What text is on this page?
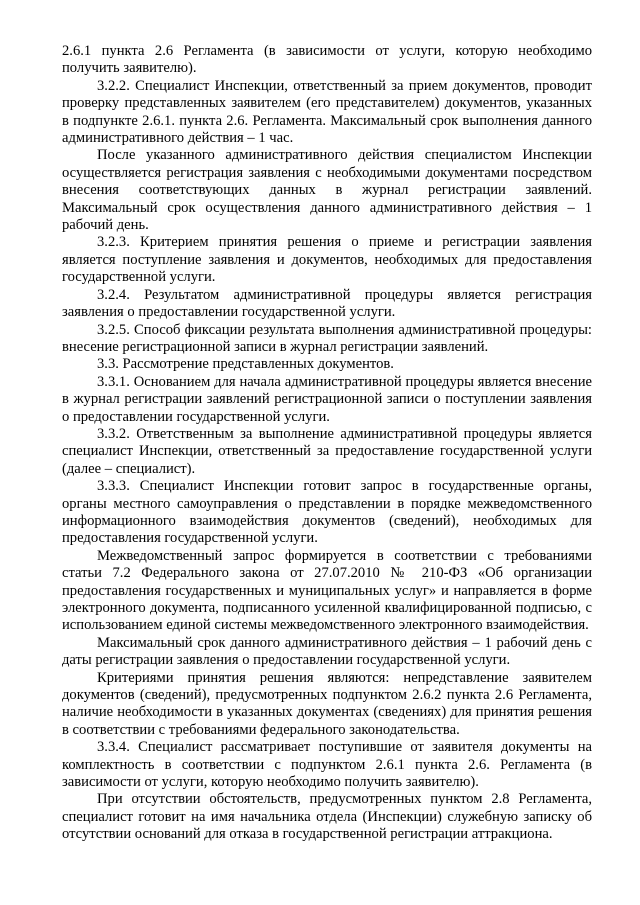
2.6.1 пункта 2.6 Регламента (в зависимости от услуги, которую необходимо получить заявителю).

3.2.2. Специалист Инспекции, ответственный за прием документов, проводит проверку представленных заявителем (его представителем) документов, указанных в подпункте 2.6.1. пункта 2.6. Регламента. Максимальный срок выполнения данного административного действия – 1 час.

После указанного административного действия специалистом Инспекции осуществляется регистрация заявления с необходимыми документами посредством внесения соответствующих данных в журнал регистрации заявлений. Максимальный срок осуществления данного административного действия – 1 рабочий день.

3.2.3. Критерием принятия решения о приеме и регистрации заявления является поступление заявления и документов, необходимых для предоставления государственной услуги.

3.2.4. Результатом административной процедуры является регистрация заявления о предоставлении государственной услуги.

3.2.5. Способ фиксации результата выполнения административной процедуры: внесение регистрационной записи в журнал регистрации заявлений.

3.3. Рассмотрение представленных документов.

3.3.1. Основанием для начала административной процедуры является внесение в журнал регистрации заявлений регистрационной записи о поступлении заявления о предоставлении государственной услуги.

3.3.2. Ответственным за выполнение административной процедуры является специалист Инспекции, ответственный за предоставление государственной услуги (далее – специалист).

3.3.3. Специалист Инспекции готовит запрос в государственные органы, органы местного самоуправления о представлении в порядке межведомственного информационного взаимодействия документов (сведений), необходимых для предоставления государственной услуги.

Межведомственный запрос формируется в соответствии с требованиями статьи 7.2 Федерального закона от 27.07.2010 № 210-ФЗ «Об организации предоставления государственных и муниципальных услуг» и направляется в форме электронного документа, подписанного усиленной квалифицированной подписью, с использованием единой системы межведомственного электронного взаимодействия.

Максимальный срок данного административного действия – 1 рабочий день с даты регистрации заявления о предоставлении государственной услуги.

Критериями принятия решения являются: непредставление заявителем документов (сведений), предусмотренных подпунктом 2.6.2 пункта 2.6 Регламента, наличие необходимости в указанных документах (сведениях) для принятия решения в соответствии с требованиями федерального законодательства.

3.3.4. Специалист рассматривает поступившие от заявителя документы на комплектность в соответствии с подпунктом 2.6.1 пункта 2.6. Регламента (в зависимости от услуги, которую необходимо получить заявителю).

При отсутствии обстоятельств, предусмотренных пунктом 2.8 Регламента, специалист готовит на имя начальника отдела (Инспекции) служебную записку об отсутствии оснований для отказа в государственной регистрации аттракциона.
